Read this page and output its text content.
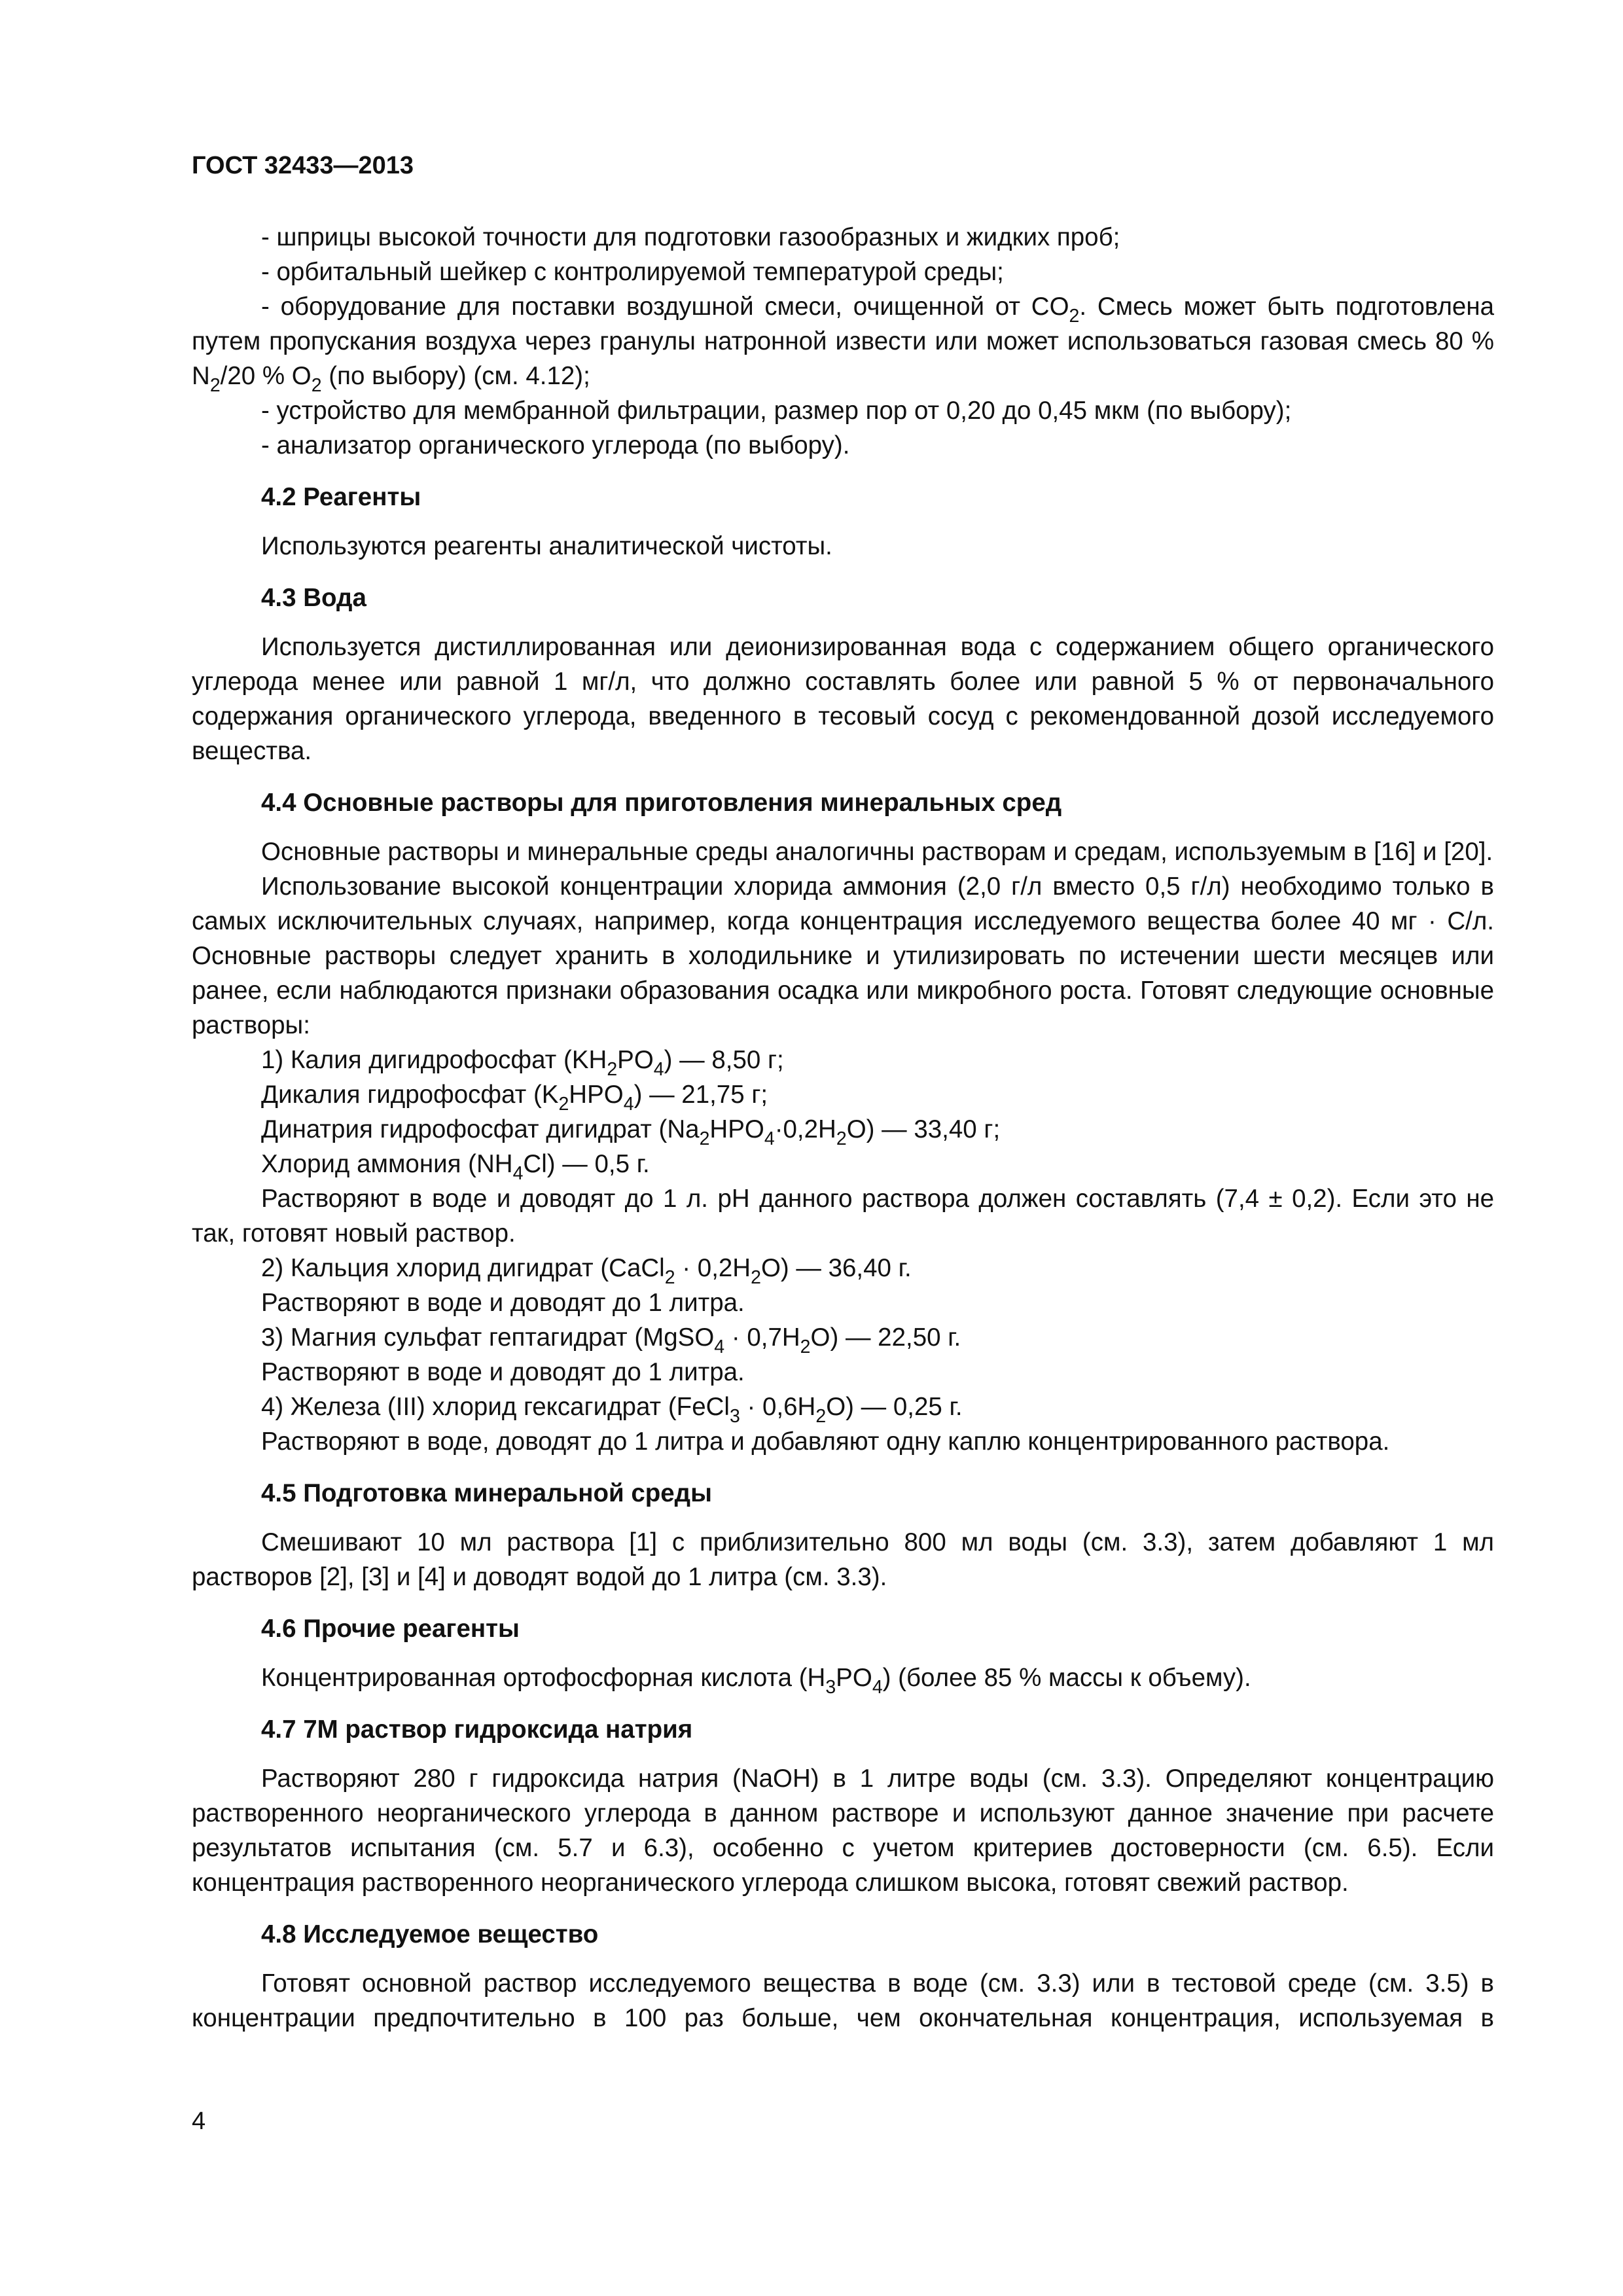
ГОСТ 32433—2013

- шприцы высокой точности для подготовки газообразных и жидких проб;

- орбитальный шейкер с контролируемой температурой среды;

- оборудование для поставки воздушной смеси, очищенной от $CO_2$. Смесь может быть подготовлена путем пропускания воздуха через гранулы натронной извести или может использоваться газовая смесь 80 % $N_2/20$ % $O_2$ (по выбору) (см. 4.12);

- устройство для мембранной фильтрации, размер пор от 0,20 до 0,45 мкм (по выбору);

- анализатор органического углерода (по выбору).

4.2 Реагенты

Используются реагенты аналитической чистоты.

4.3 Вода

Используется дистиллированная или деионизированная вода с содержанием общего органического углерода менее или равной 1 мг/л, что должно составлять более или равной 5 % от первоначального содержания органического углерода, введенного в тесовый сосуд с рекомендованной дозой исследуемого вещества.

4.4 Основные растворы для приготовления минеральных сред

Основные растворы и минеральные среды аналогичны растворам и средам, используемым в [16] и [20].

Использование высокой концентрации хлорида аммония (2,0 г/л вместо 0,5 г/л) необходимо только в самых исключительных случаях, например, когда концентрация исследуемого вещества более 40 мг · С/л. Основные растворы следует хранить в холодильнике и утилизировать по истечении шести месяцев или ранее, если наблюдаются признаки образования осадка или микробного роста. Готовят следующие основные растворы:

1) Калия дигидрофосфат $(KH_2PO_4)$ — 8,50 г;

Дикалия гидрофосфат $(K_2HPO_4)$ — 21,75 г;

Динатрия гидрофосфат дигидрат $(Na_2HPO_4\cdot 0,2H_2O)$ — 33,40 г;

Хлорид аммония $(NH_4Cl)$ — 0,5 г.

Растворяют в воде и доводят до 1 л. pH данного раствора должен составлять (7,4 ± 0,2). Если это не так, готовят новый раствор.

2) Кальция хлорид дигидрат (CaCl$_2$ · $0,2H_2O$) — 36,40 г.

Растворяют в воде и доводят до 1 литра.

3) Магния сульфат гептагидрат (MgSO$_4$ · $0,7H_2O$) — 22,50 г.

Растворяют в воде и доводят до 1 литра.

4) Железа (III) хлорид гексагидрат (FeCl$_3$ · $0,6H_2O$) — 0,25 г.

Растворяют в воде, доводят до 1 литра и добавляют одну каплю концентрированного раствора.

4.5 Подготовка минеральной среды

Смешивают 10 мл раствора [1] с приблизительно 800 мл воды (см. 3.3), затем добавляют 1 мл растворов [2], [3] и [4] и доводят водой до 1 литра (см. 3.3).

4.6 Прочие реагенты

Концентрированная ортофосфорная кислота $(H_3PO_4)$ (более 85 % массы к объему).

4.7 7М раствор гидроксида натрия

Растворяют 280 г гидроксида натрия (NaOH) в 1 литре воды (см. 3.3). Определяют концентрацию растворенного неорганического углерода в данном растворе и используют данное значение при расчете результатов испытания (см. 5.7 и 6.3), особенно с учетом критериев достоверности (см. 6.5). Если концентрация растворенного неорганического углерода слишком высока, готовят свежий раствор.

4.8 Исследуемое вещество

Готовят основной раствор исследуемого вещества в воде (см. 3.3) или в тестовой среде (см. 3.5) в концентрации предпочтительно в 100 раз больше, чем окончательная концентрация, используемая в

4
